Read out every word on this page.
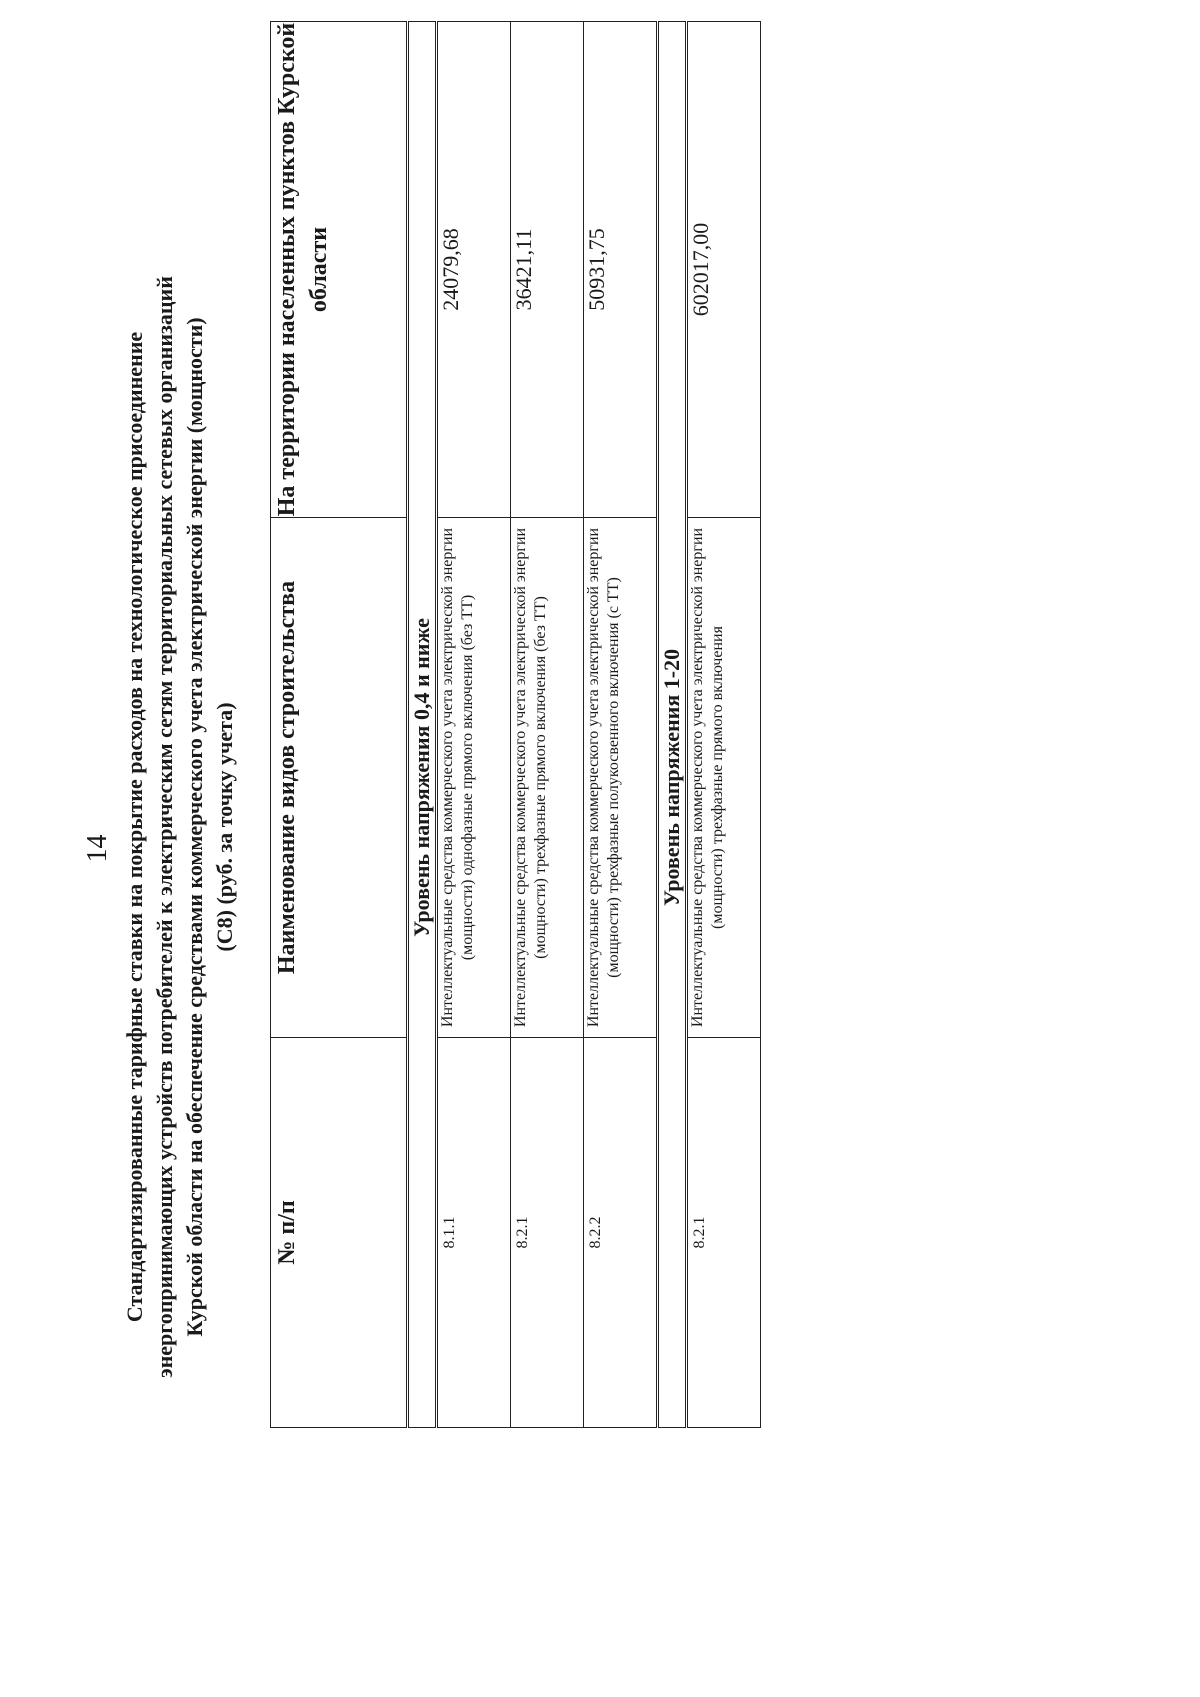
14 Стандартизированные тарифные ставки на покрытие расходов на технологическое присоединение энергопринимающих устройств потребителей к электрическим сетям территориальных сетевых организаций Курской области на обеспечение средствами коммерческого учета электрической энергии (мощности) (С8) (руб. за точку учета)
№ п/п	Наименование видов строительства	На территории населенных пунктов Курской области
	Уровень напряжения 0,4 и ниже	
8.1.1	Интеллектуальные средства коммерческого учета электрической энергии (мощности) однофазные прямого включения (без ТТ)	24079,68
8.2.1	Интеллектуальные средства коммерческого учета электрической энергии (мощности) трехфазные прямого включения (без ТТ)	36421,11
8.2.2	Интеллектуальные средства коммерческого учета электрической энергии (мощности) трехфазные полукосвенного включения (с ТТ)	50931,75
	Уровень напряжения 1-20	
8.2.1	Интеллектуальные средства коммерческого учета электрической энергии (мощности) трехфазные прямого включения	602017,00
